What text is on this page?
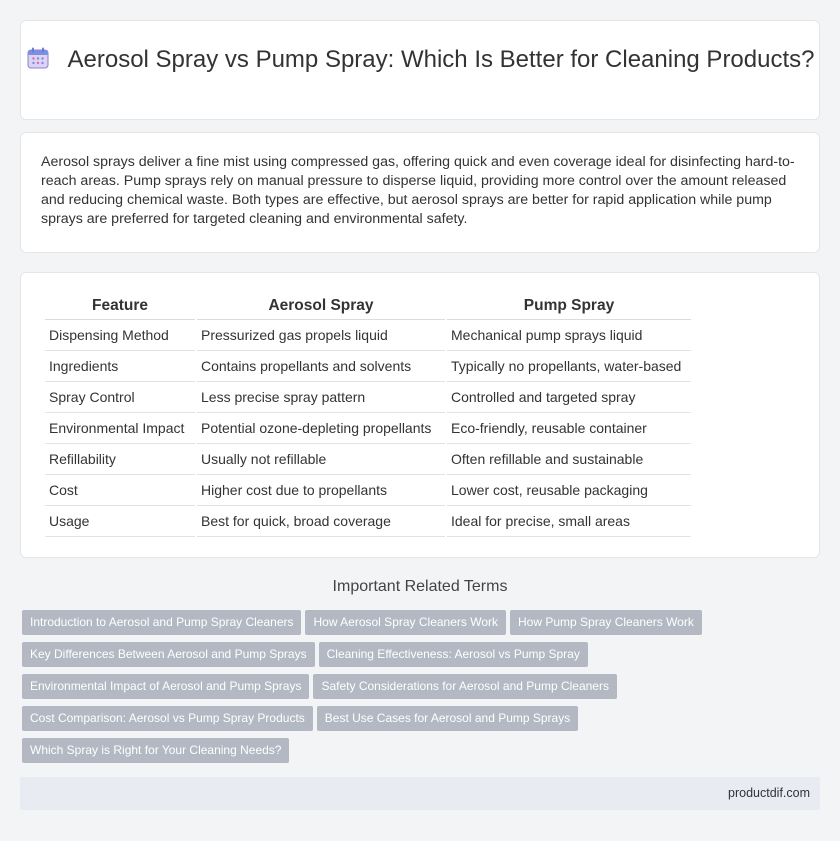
Aerosol Spray vs Pump Spray: Which Is Better for Cleaning Products?

Aerosol sprays deliver a fine mist using compressed gas, offering quick and even coverage ideal for disinfecting hard-to-reach areas. Pump sprays rely on manual pressure to disperse liquid, providing more control over the amount released and reducing chemical waste. Both types are effective, but aerosol sprays are better for rapid application while pump sprays are preferred for targeted cleaning and environmental safety.

Feature	Aerosol Spray	Pump Spray
Dispensing Method	Pressurized gas propels liquid	Mechanical pump sprays liquid
Ingredients	Contains propellants and solvents	Typically no propellants, water-based
Spray Control	Less precise spray pattern	Controlled and targeted spray
Environmental Impact	Potential ozone-depleting propellants	Eco-friendly, reusable container
Refillability	Usually not refillable	Often refillable and sustainable
Cost	Higher cost due to propellants	Lower cost, reusable packaging
Usage	Best for quick, broad coverage	Ideal for precise, small areas
Important Related Terms
Introduction to Aerosol and Pump Spray Cleaners How Aerosol Spray Cleaners Work How Pump Spray Cleaners Work
Key Differences Between Aerosol and Pump Sprays Cleaning Effectiveness: Aerosol vs Pump Spray
Environmental Impact of Aerosol and Pump Sprays Safety Considerations for Aerosol and Pump Cleaners
Cost Comparison: Aerosol vs Pump Spray Products Best Use Cases for Aerosol and Pump Sprays
Which Spray is Right for Your Cleaning Needs?
productdif.com
